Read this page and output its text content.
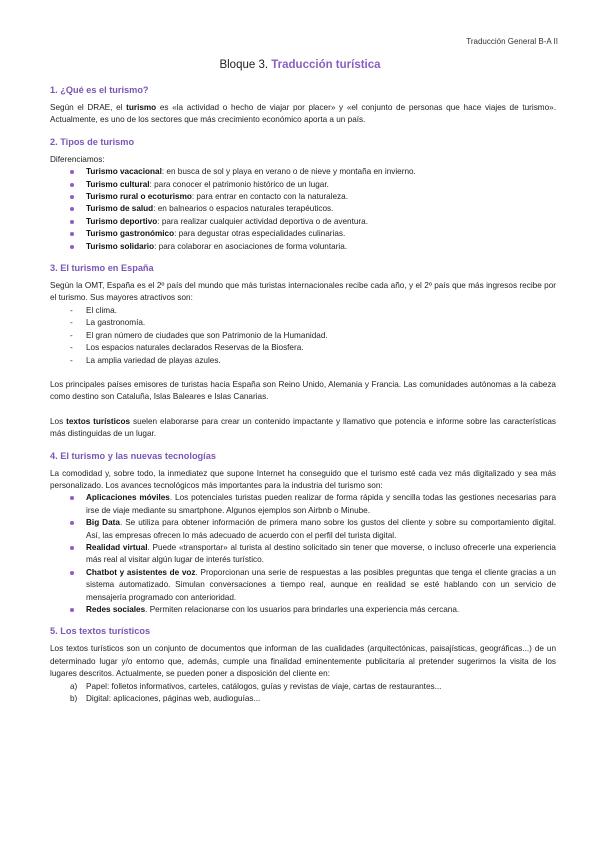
Traducción General B-A II
Bloque 3. Traducción turística
1. ¿Qué es el turismo?

Según el DRAE, el turismo es «la actividad o hecho de viajar por placer» y «el conjunto de personas que hace viajes de turismo». Actualmente, es uno de los sectores que más crecimiento económico aporta a un país.

2. Tipos de turismo

Diferenciamos:

Turismo vacacional: en busca de sol y playa en verano o de nieve y montaña en invierno.
Turismo cultural: para conocer el patrimonio histórico de un lugar.
Turismo rural o ecoturismo: para entrar en contacto con la naturaleza.
Turismo de salud: en balnearios o espacios naturales terapéuticos.
Turismo deportivo: para realizar cualquier actividad deportiva o de aventura.
Turismo gastronómico: para degustar otras especialidades culinarias.
Turismo solidario: para colaborar en asociaciones de forma voluntaria.
3. El turismo en España

Según la OMT, España es el 2º país del mundo que más turistas internacionales recibe cada año, y el 2º país que más ingresos recibe por el turismo. Sus mayores atractivos son:

- El clima.
- La gastronomía.
- El gran número de ciudades que son Patrimonio de la Humanidad.
- Los espacios naturales declarados Reservas de la Biosfera.
- La amplia variedad de playas azules.

Los principales países emisores de turistas hacia España son Reino Unido, Alemania y Francia. Las comunidades autónomas a la cabeza como destino son Cataluña, Islas Baleares e Islas Canarias.

Los textos turísticos suelen elaborarse para crear un contenido impactante y llamativo que potencia e informe sobre las características más distinguidas de un lugar.

4. El turismo y las nuevas tecnologías

La comodidad y, sobre todo, la inmediatez que supone Internet ha conseguido que el turismo esté cada vez más digitalizado y sea más personalizado. Los avances tecnológicos más importantes para la industria del turismo son:

Aplicaciones móviles. Los potenciales turistas pueden realizar de forma rápida y sencilla todas las gestiones necesarias para irse de viaje mediante su smartphone. Algunos ejemplos son Airbnb o Minube.
Big Data. Se utiliza para obtener información de primera mano sobre los gustos del cliente y sobre su comportamiento digital. Así, las empresas ofrecen lo más adecuado de acuerdo con el perfil del turista digital.
Realidad virtual. Puede «transportar» al turista al destino solicitado sin tener que moverse, o incluso ofrecerle una experiencia más real al visitar algún lugar de interés turístico.
Chatbot y asistentes de voz. Proporcionan una serie de respuestas a las posibles preguntas que tenga el cliente gracias a un sistema automatizado. Simulan conversaciones a tiempo real, aunque en realidad se esté hablando con un servicio de mensajería programado con anterioridad.
Redes sociales. Permiten relacionarse con los usuarios para brindarles una experiencia más cercana.
5. Los textos turísticos

Los textos turísticos son un conjunto de documentos que informan de las cualidades (arquitectónicas, paisajísticas, geográficas...) de un determinado lugar y/o entorno que, además, cumple una finalidad eminentemente publicitaria al pretender sugerirnos la visita de los lugares descritos. Actualmente, se pueden poner a disposición del cliente en:

a) Papel: folletos informativos, carteles, catálogos, guías y revistas de viaje, cartas de restaurantes...
b) Digital: aplicaciones, páginas web, audioguías...
